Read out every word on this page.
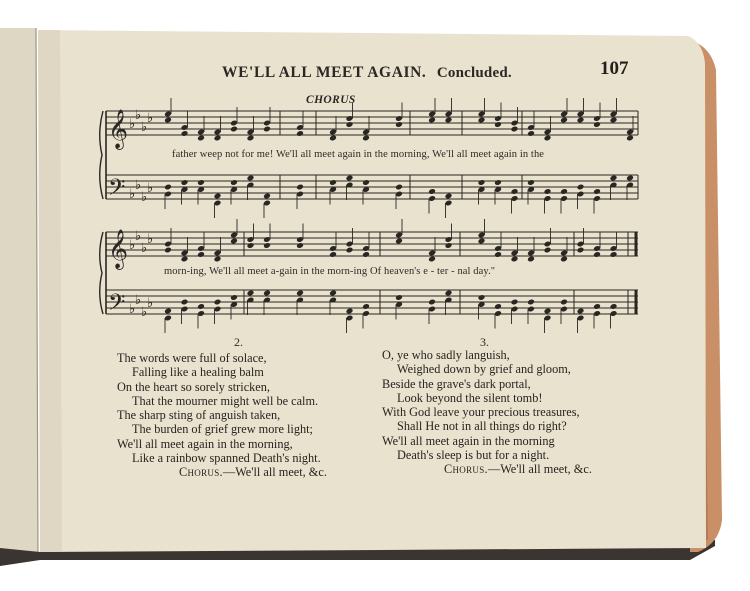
𝄞
𝄢
𝄞
𝄢
♭
♭
♭
♭
♭
♭
♭
♭
♭
♭
♭
♭
♭
♭
♭
♭
WE'LL ALL MEET AGAIN. Concluded.	107
CHORUS
father weep not for me! We'll all meet again in the morning, We'll all meet again in the
morn-ing, We'll all meet a-gain in the morn-ing Of heaven's e - ter - nal day."
2.	3.
The words were full of solace,
Falling like a healing balm
On the heart so sorely stricken,
That the mourner might well be calm.
The sharp sting of anguish taken,
The burden of grief grew more light;
We'll all meet again in the morning,
Like a rainbow spanned Death's night.
Chorus.—We'll all meet, &c.
O, ye who sadly languish,
Weighed down by grief and gloom,
Beside the grave's dark portal,
Look beyond the silent tomb!
With God leave your precious treasures,
Shall He not in all things do right?
We'll all meet again in the morning
Death's sleep is but for a night.
Chorus.—We'll all meet, &c.
